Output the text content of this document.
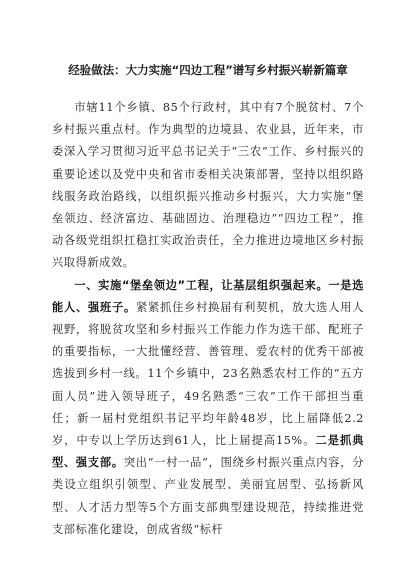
经验做法：大力实施“四边工程”谱写乡村振兴崭新篇章

市辖11个乡镇、85个行政村，其中有7个脱贫村、7个乡村振兴重点村。作为典型的边境县、农业县，近年来，市委深入学习贯彻习近平总书记关于“三农”工作、乡村振兴的重要论述以及党中央和省市委相关决策部署，坚持以组织路线服务政治路线，以组织振兴推动乡村振兴，大力实施“堡垒领边、经济富边、基础固边、治理稳边”“四边工程”，推动各级党组织扛稳扛实政治责任，全力推进边境地区乡村振兴取得新成效。

一、实施“堡垒领边”工程，让基层组织强起来。一是选能人、强班子。紧紧抓住乡村换届有利契机，放大选人用人视野，将脱贫攻坚和乡村振兴工作能力作为选干部、配班子的重要指标，一大批懂经营、善管理、爱农村的优秀干部被选拔到乡村一线。11个乡镇中，23名熟悉农村工作的“五方面人员”进入领导班子，49名熟悉“三农”工作干部担当重任；新一届村党组织书记平均年龄48岁，比上届降低2.2岁，中专以上学历达到61人，比上届提高15%。二是抓典型、强支部。突出“一村一品”，围绕乡村振兴重点内容，分类设立组织引领型、产业发展型、美丽宜居型、弘扬新风型、人才活力型等5个方面支部典型建设规范，持续推进党支部标准化建设，创成省级“标杆
